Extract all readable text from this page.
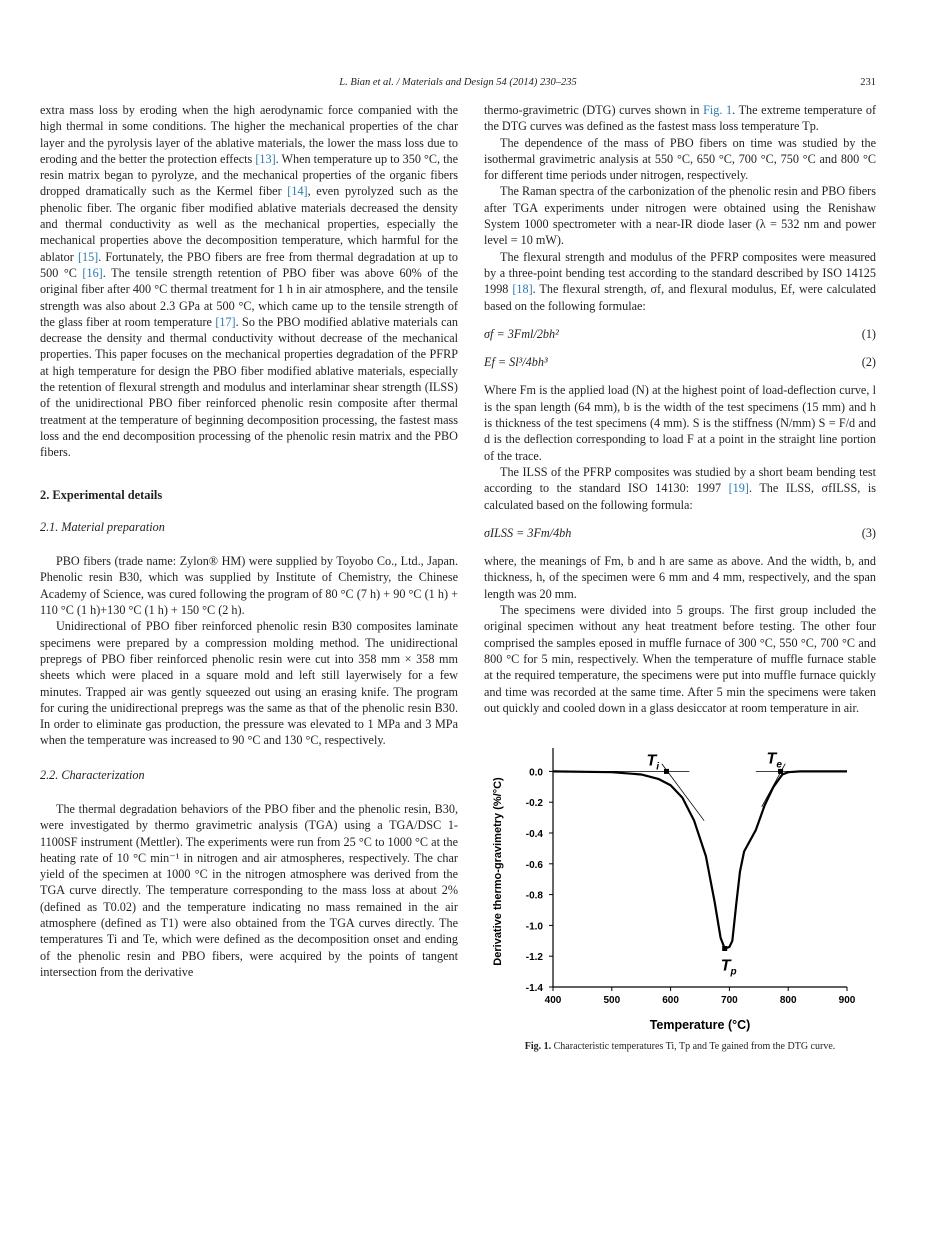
L. Bian et al. / Materials and Design 54 (2014) 230–235	231

extra mass loss by eroding when the high aerodynamic force companied with the high thermal in some conditions. The higher the mechanical properties of the char layer and the pyrolysis layer of the ablative materials, the lower the mass loss due to eroding and the better the protection effects [13]. When temperature up to 350 °C, the resin matrix began to pyrolyze, and the mechanical properties of the organic fibers dropped dramatically such as the Kermel fiber [14], even pyrolyzed such as the phenolic fiber. The organic fiber modified ablative materials decreased the density and thermal conductivity as well as the mechanical properties, especially the mechanical properties above the decomposition temperature, which harmful for the ablator [15]. Fortunately, the PBO fibers are free from thermal degradation at up to 500 °C [16]. The tensile strength retention of PBO fiber was above 60% of the original fiber after 400 °C thermal treatment for 1 h in air atmosphere, and the tensile strength was also about 2.3 GPa at 500 °C, which came up to the tensile strength of the glass fiber at room temperature [17]. So the PBO modified ablative materials can decrease the density and thermal conductivity without decrease of the mechanical properties. This paper focuses on the mechanical properties degradation of the PFRP at high temperature for design the PBO fiber modified ablative materials, especially the retention of flexural strength and modulus and interlaminar shear strength (ILSS) of the unidirectional PBO fiber reinforced phenolic resin composite after thermal treatment at the temperature of beginning decomposition processing, the fastest mass loss and the end decomposition processing of the phenolic resin matrix and the PBO fibers.

2. Experimental details
2.1. Material preparation

PBO fibers (trade name: Zylon® HM) were supplied by Toyobo Co., Ltd., Japan. Phenolic resin B30, which was supplied by Institute of Chemistry, the Chinese Academy of Science, was cured following the program of 80 °C (7 h) + 90 °C (1 h) + 110 °C (1 h)+130 °C (1 h) + 150 °C (2 h).

Unidirectional of PBO fiber reinforced phenolic resin B30 composites laminate specimens were prepared by a compression molding method. The unidirectional prepregs of PBO fiber reinforced phenolic resin were cut into 358 mm × 358 mm sheets which were placed in a square mold and left still layerwisely for a few minutes. Trapped air was gently squeezed out using an erasing knife. The program for curing the unidirectional prepregs was the same as that of the phenolic resin B30. In order to eliminate gas production, the pressure was elevated to 1 MPa and 3 MPa when the temperature was increased to 90 °C and 130 °C, respectively.

2.2. Characterization

The thermal degradation behaviors of the PBO fiber and the phenolic resin, B30, were investigated by thermo gravimetric analysis (TGA) using a TGA/DSC 1-1100SF instrument (Mettler). The experiments were run from 25 °C to 1000 °C at the heating rate of 10 °C min⁻¹ in nitrogen and air atmospheres, respectively. The char yield of the specimen at 1000 °C in the nitrogen atmosphere was derived from the TGA curve directly. The temperature corresponding to the mass loss at about 2% (defined as T0.02) and the temperature indicating no mass remained in the air atmosphere (defined as T1) were also obtained from the TGA curves directly. The temperatures Ti and Te, which were defined as the decomposition onset and ending of the phenolic resin and PBO fibers, were acquired by the points of tangent intersection from the derivative

thermo-gravimetric (DTG) curves shown in Fig. 1. The extreme temperature of the DTG curves was defined as the fastest mass loss temperature Tp.

The dependence of the mass of PBO fibers on time was studied by the isothermal gravimetric analysis at 550 °C, 650 °C, 700 °C, 750 °C and 800 °C for different time periods under nitrogen, respectively.

The Raman spectra of the carbonization of the phenolic resin and PBO fibers after TGA experiments under nitrogen were obtained using the Renishaw System 1000 spectrometer with a near-IR diode laser (λ = 532 nm and power level = 10 mW).

The flexural strength and modulus of the PFRP composites were measured by a three-point bending test according to the standard described by ISO 14125 1998 [18]. The flexural strength, σf, and flexural modulus, Ef, were calculated based on the following formulae:

σf = 3Fml/2bh²	(1)
Ef = Sl³/4bh³	(2)

Where Fm is the applied load (N) at the highest point of load-deflection curve, l is the span length (64 mm), b is the width of the test specimens (15 mm) and h is thickness of the test specimens (4 mm). S is the stiffness (N/mm) S = F/d and d is the deflection corresponding to load F at a point in the straight line portion of the trace.

The ILSS of the PFRP composites was studied by a short beam bending test according to the standard ISO 14130: 1997 [19]. The ILSS, σfILSS, is calculated based on the following formula:

σILSS = 3Fm/4bh	(3)

where, the meanings of Fm, b and h are same as above. And the width, b, and thickness, h, of the specimen were 6 mm and 4 mm, respectively, and the span length was 20 mm.

The specimens were divided into 5 groups. The first group included the original specimen without any heat treatment before testing. The other four comprised the samples eposed in muffle furnace of 300 °C, 550 °C, 700 °C and 800 °C for 5 min, respectively. When the temperature of muffle furnace stable at the required temperature, the specimens were put into muffle furnace quickly and time was recorded at the same time. After 5 min the specimens were taken out quickly and cooled down in a glass desiccator at room temperature in air.

400	500	600	700	800	900
0.0
-0.2
-0.4
-0.6
-0.8
-1.0
-1.2
-1.4
Temperature (°C)
Derivative thermo-gravimetry (%/°C)
$T_i$
$T_p$
$T_e$
Fig. 1. Characteristic temperatures Ti, Tp and Te gained from the DTG curve.
